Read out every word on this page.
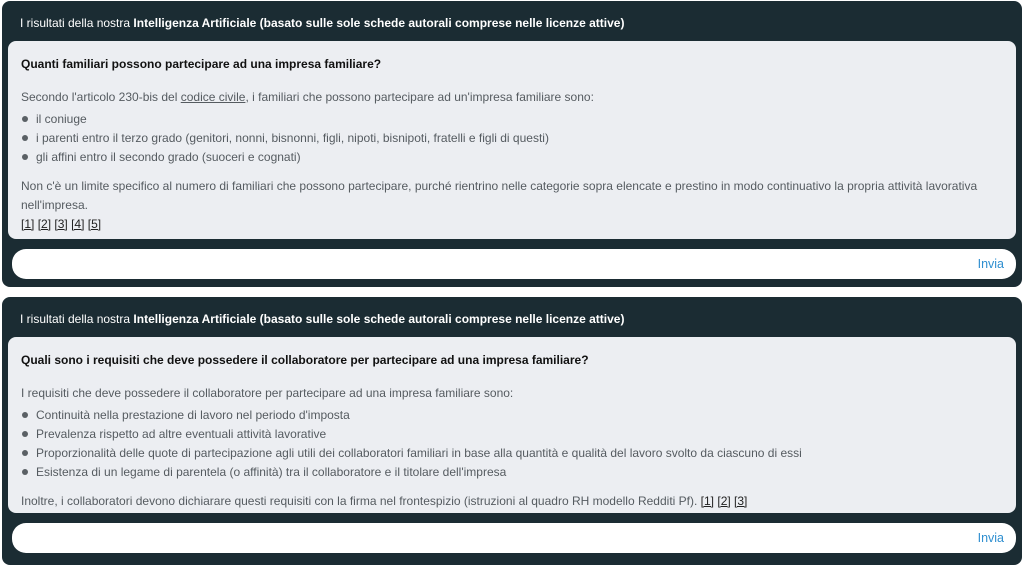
I risultati della nostra Intelligenza Artificiale (basato sulle sole schede autorali comprese nelle licenze attive)

Quanti familiari possono partecipare ad una impresa familiare?

Secondo l'articolo 230-bis del codice civile, i familiari che possono partecipare ad un'impresa familiare sono:

il coniuge
i parenti entro il terzo grado (genitori, nonni, bisnonni, figli, nipoti, bisnipoti, fratelli e figli di questi)
gli affini entro il secondo grado (suoceri e cognati)

Non c'è un limite specifico al numero di familiari che possono partecipare, purché rientrino nelle categorie sopra elencate e prestino in modo continuativo la propria attività lavorativa nell'impresa.

[1] [2] [3] [4] [5]

Invia
I risultati della nostra Intelligenza Artificiale (basato sulle sole schede autorali comprese nelle licenze attive)

Quali sono i requisiti che deve possedere il collaboratore per partecipare ad una impresa familiare?

I requisiti che deve possedere il collaboratore per partecipare ad una impresa familiare sono:

Continuità nella prestazione di lavoro nel periodo d'imposta
Prevalenza rispetto ad altre eventuali attività lavorative
Proporzionalità delle quote di partecipazione agli utili dei collaboratori familiari in base alla quantità e qualità del lavoro svolto da ciascuno di essi
Esistenza di un legame di parentela (o affinità) tra il collaboratore e il titolare dell'impresa

Inoltre, i collaboratori devono dichiarare questi requisiti con la firma nel frontespizio (istruzioni al quadro RH modello Redditi Pf). [1] [2] [3]

Invia
